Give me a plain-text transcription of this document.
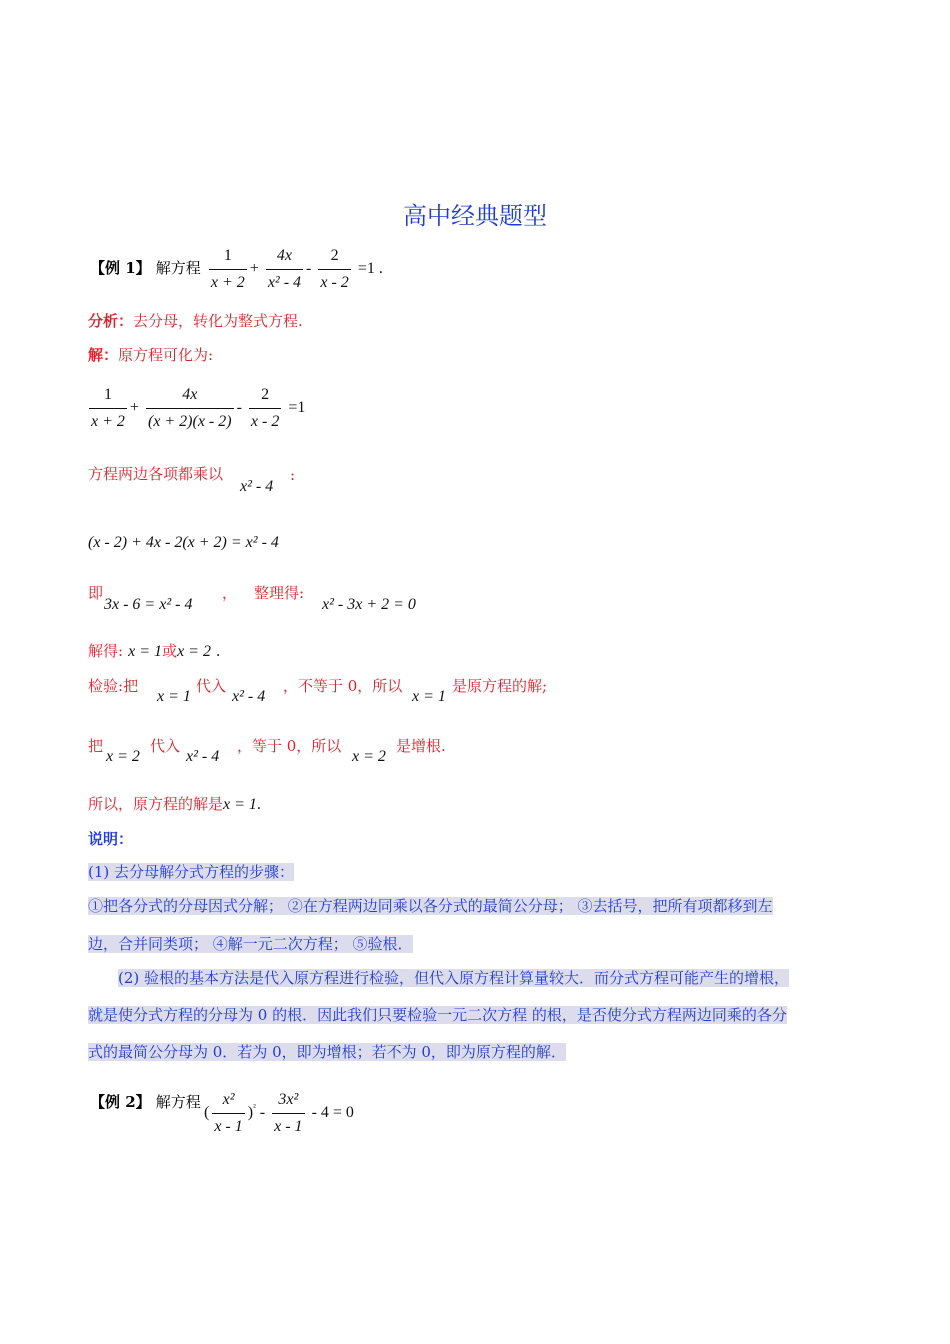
高中经典题型
【例 1】 解方程 $\frac{1}{x + 2} + \frac{4x}{\text{x² - 4}} - \frac{2}{x - 2} =1$ .
分析：去分母，转化为整式方程.
解：原方程可化为:
$\frac{1}{x + 2} + \frac{4x}{(x + 2)(x - 2)} - \frac{2}{x - 2} =1$
方程两边各项都乘以
x² - 4
:
(x - 2) + 4x - 2(x + 2) = x² - 4
即
3x - 6 = x² - 4
， 整理得:
x² - 3x + 2 = 0
解得: x = 1或x = 2 .
检验:把
x = 1
代入
x² - 4
，不等于 0，所以
x = 1
是原方程的解;
把
x = 2
代入
x² - 4
，等于 0，所以
x = 2
是增根.
所以，原方程的解是x = 1.
说明：
(1) 去分母解分式方程的步骤：
①把各分式的分母因式分解； ②在方程两边同乘以各分式的最简公分母； ③去括号，把所有项都移到左
边，合并同类项； ④解一元二次方程； ⑤验根．
(2) 验根的基本方法是代入原方程进行检验，但代入原方程计算量较大．而分式方程可能产生的增根，
就是使分式方程的分母为 0 的根．因此我们只要检验一元二次方程 的根，是否使分式方程两边同乘的各分
式的最简公分母为 0．若为 0，即为增根；若不为 0，即为原方程的解．
【例 2】 解方程
( $\frac{\text{x²}}{x - 1} )^{^2} - \frac{\text{3x²}}{x - 1} - 4 = 0$
